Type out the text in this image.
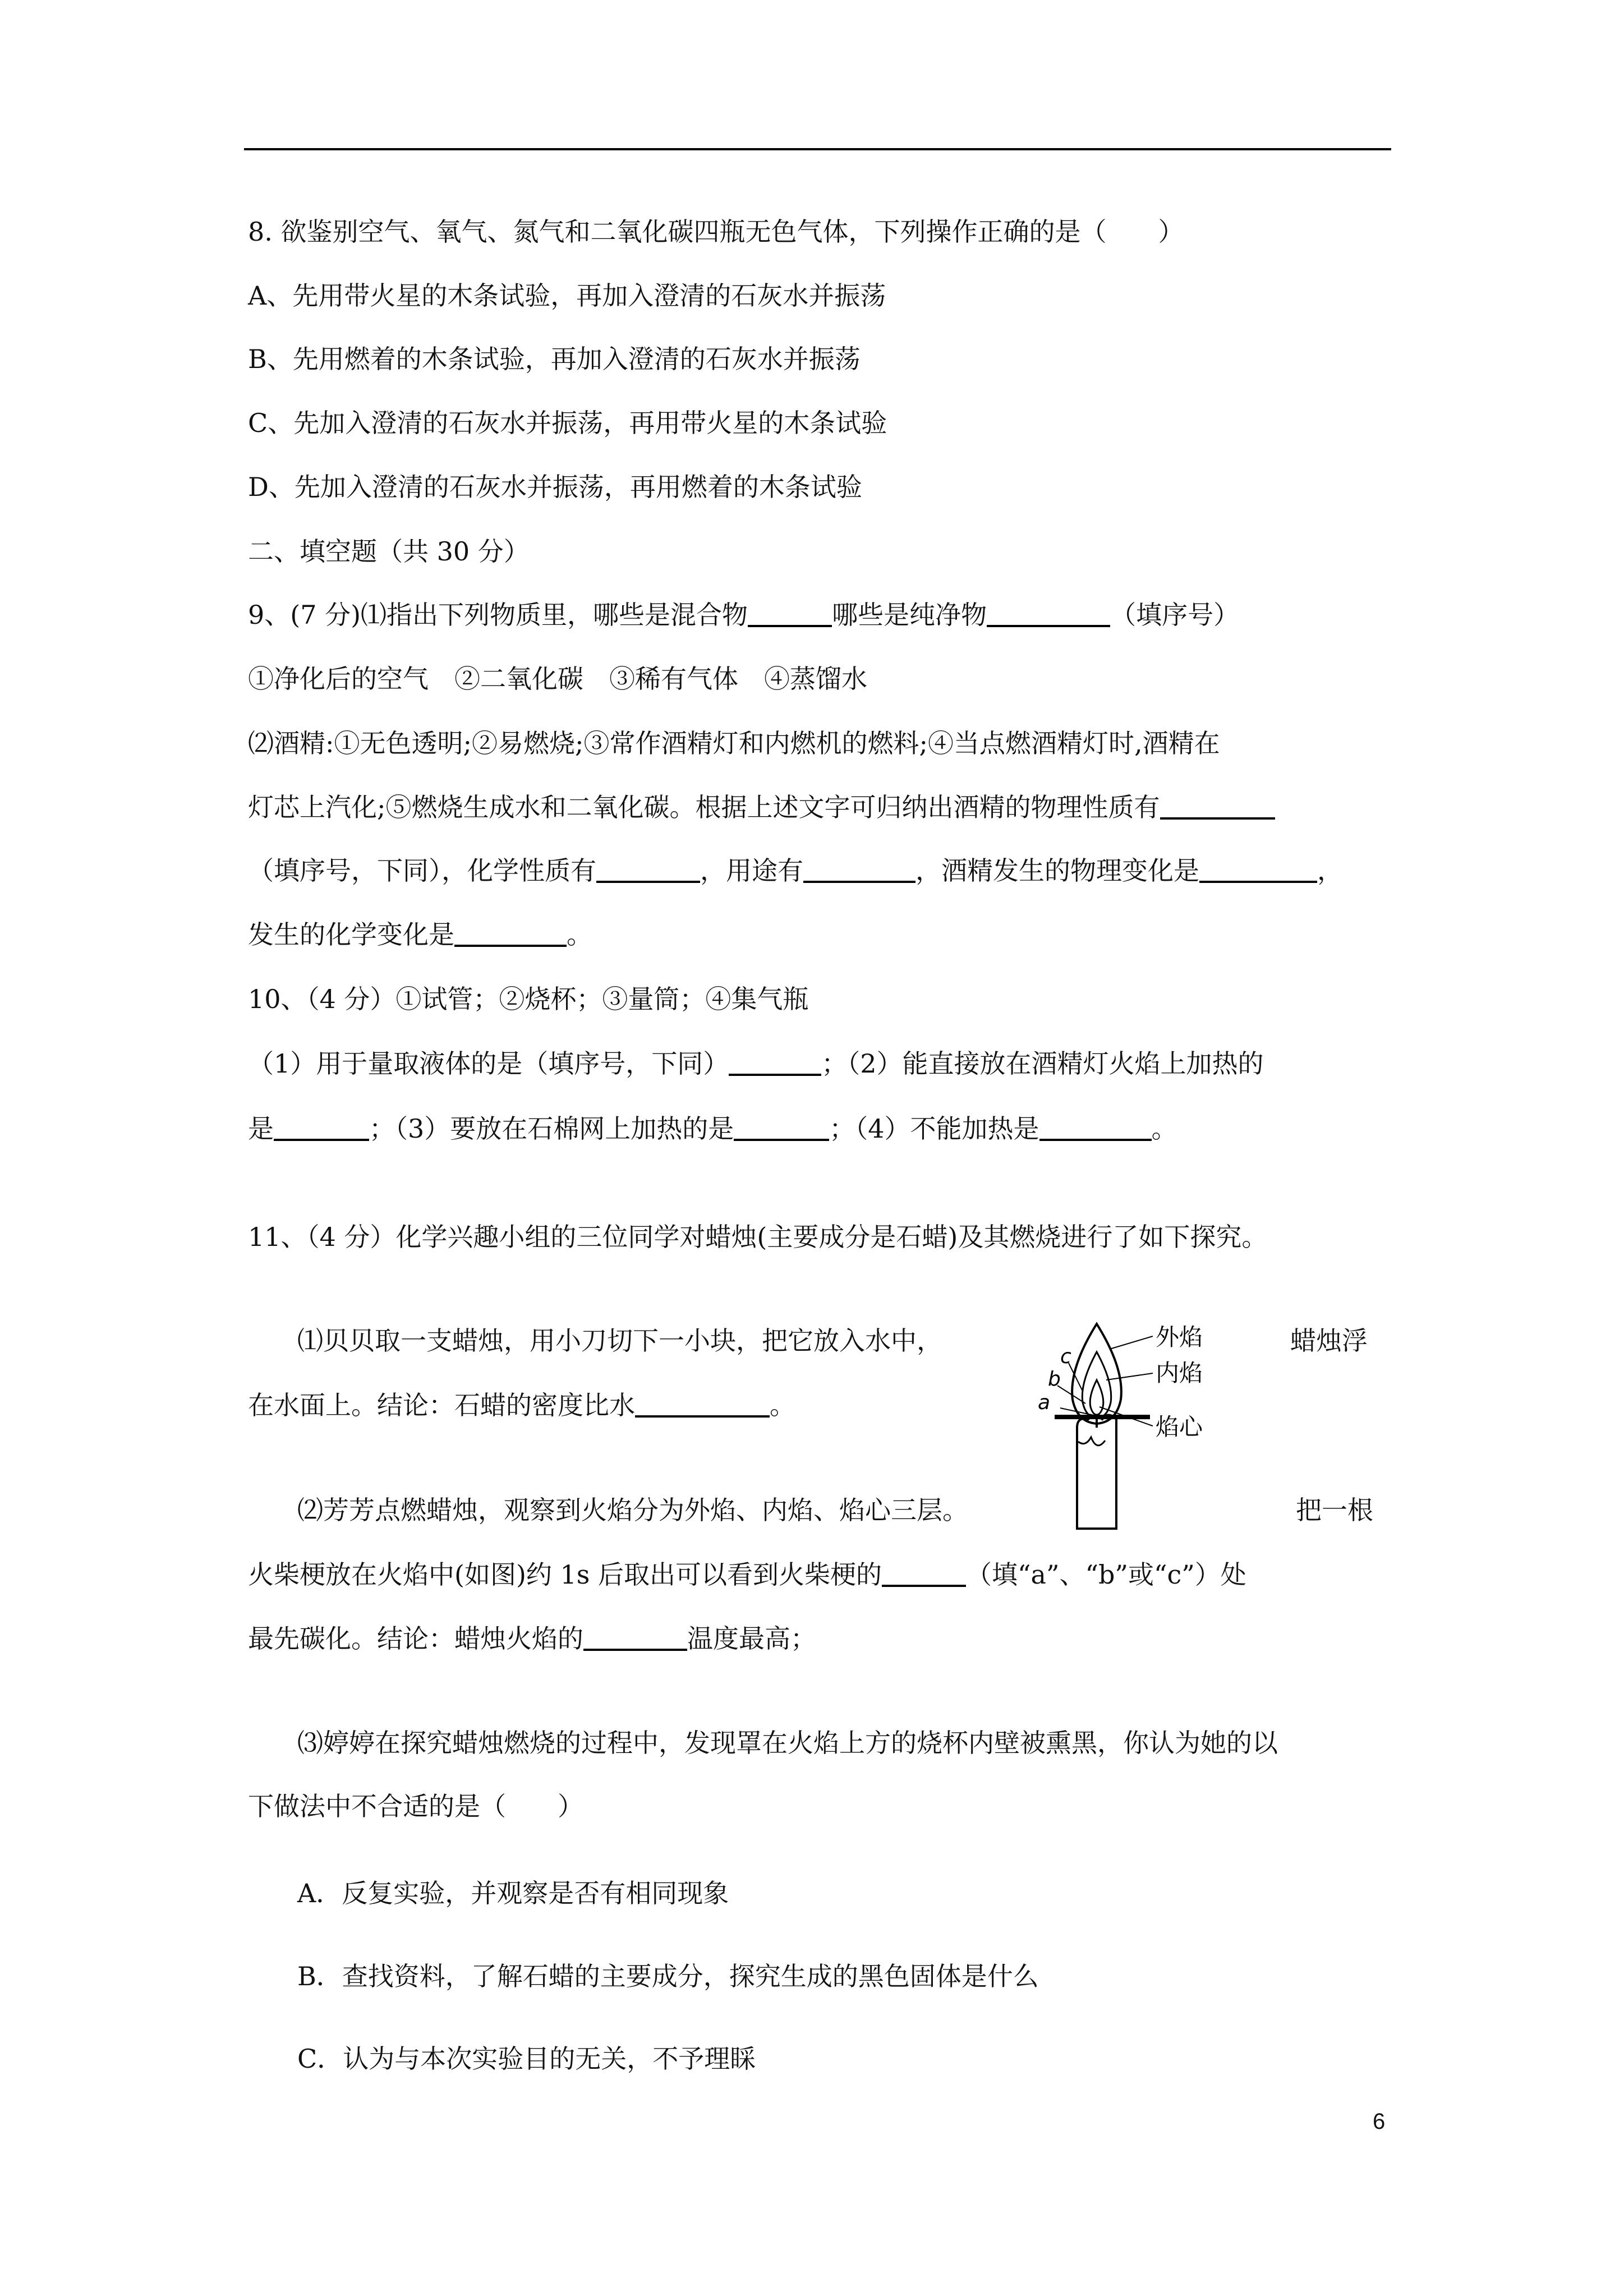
8. 欲鉴别空气、氧气、氮气和二氧化碳四瓶无色气体，下列操作正确的是（　　）
A、先用带火星的木条试验，再加入澄清的石灰水并振荡
B、先用燃着的木条试验，再加入澄清的石灰水并振荡
C、先加入澄清的石灰水并振荡，再用带火星的木条试验
D、先加入澄清的石灰水并振荡，再用燃着的木条试验
二、填空题（共 30 分）
9、(7 分)⑴指出下列物质里，哪些是混合物	哪些是纯净物	（填序号）
①净化后的空气　②二氧化碳　③稀有气体　④蒸馏水
⑵酒精:①无色透明;②易燃烧;③常作酒精灯和内燃机的燃料;④当点燃酒精灯时,酒精在
灯芯上汽化;⑤燃烧生成水和二氧化碳。根据上述文字可归纳出酒精的物理性质有
（填序号，下同），化学性质有	，用途有	，酒精发生的物理变化是	，
发生的化学变化是	。
10、（4 分）①试管；②烧杯；③量筒；④集气瓶
（1）用于量取液体的是（填序号，下同）	；（2）能直接放在酒精灯火焰上加热的
是	；（3）要放在石棉网上加热的是	；（4）不能加热是	。
11、（4 分）化学兴趣小组的三位同学对蜡烛(主要成分是石蜡)及其燃烧进行了如下探究。
⑴贝贝取一支蜡烛，用小刀切下一小块，把它放入水中，	蜡烛浮
在水面上。结论：石蜡的密度比水	。
⑵芳芳点燃蜡烛，观察到火焰分为外焰、内焰、焰心三层。	把一根
火柴梗放在火焰中(如图)约 1s 后取出可以看到火柴梗的	（填“a”、“b”或“c”）处
最先碳化。结论：蜡烛火焰的	温度最高；
⑶婷婷在探究蜡烛燃烧的过程中，发现罩在火焰上方的烧杯内壁被熏黑，你认为她的以
下做法中不合适的是（　　）
A．反复实验，并观察是否有相同现象
B．查找资料，了解石蜡的主要成分，探究生成的黑色固体是什么
C．认为与本次实验目的无关，不予理睬
c
b
a
外焰
内焰
焰心
6
